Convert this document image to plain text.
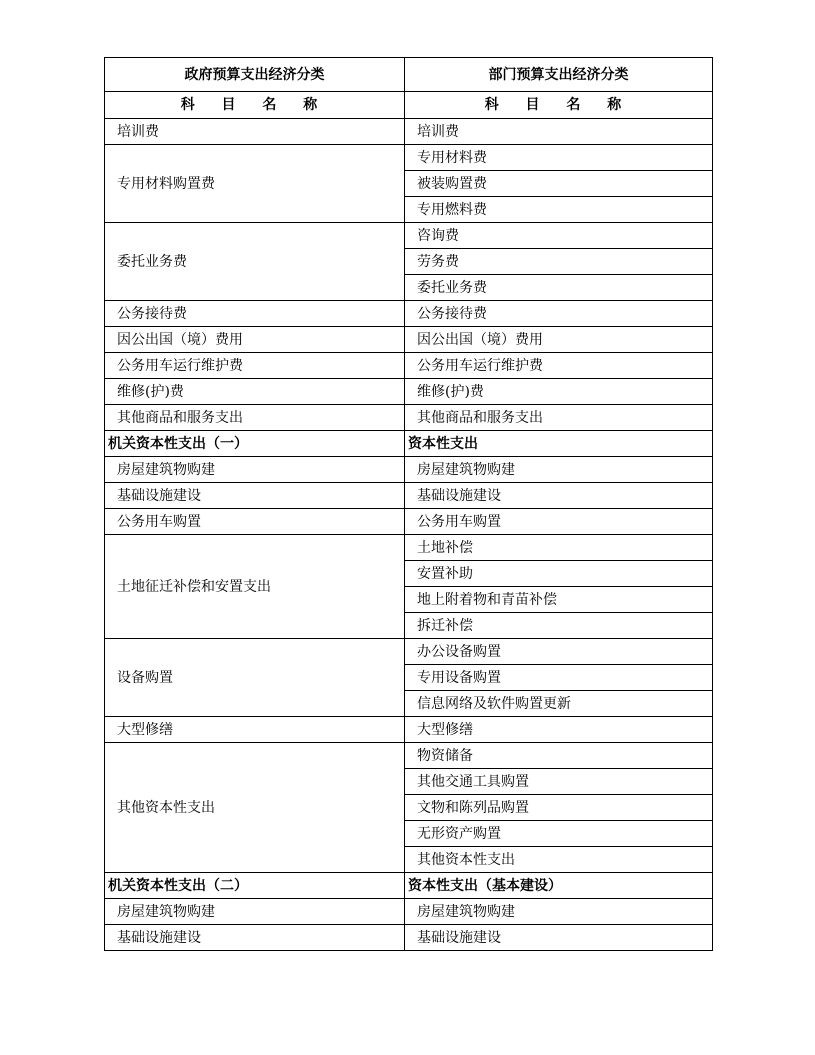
政府预算支出经济分类	部门预算支出经济分类
科 目 名 称	科 目 名 称
培训费	培训费
专用材料购置费	专用材料费
	被装购置费
	专用燃料费
委托业务费	咨询费
	劳务费
	委托业务费
公务接待费	公务接待费
因公出国（境）费用	因公出国（境）费用
公务用车运行维护费	公务用车运行维护费
维修(护)费	维修(护)费
其他商品和服务支出	其他商品和服务支出
机关资本性支出（一）	资本性支出
房屋建筑物购建	房屋建筑物购建
基础设施建设	基础设施建设
公务用车购置	公务用车购置
土地征迁补偿和安置支出	土地补偿
	安置补助
	地上附着物和青苗补偿
	拆迁补偿
设备购置	办公设备购置
	专用设备购置
	信息网络及软件购置更新
大型修缮	大型修缮
其他资本性支出	物资储备
	其他交通工具购置
	文物和陈列品购置
	无形资产购置
	其他资本性支出
机关资本性支出（二）	资本性支出（基本建设）
房屋建筑物购建	房屋建筑物购建
基础设施建设	基础设施建设
